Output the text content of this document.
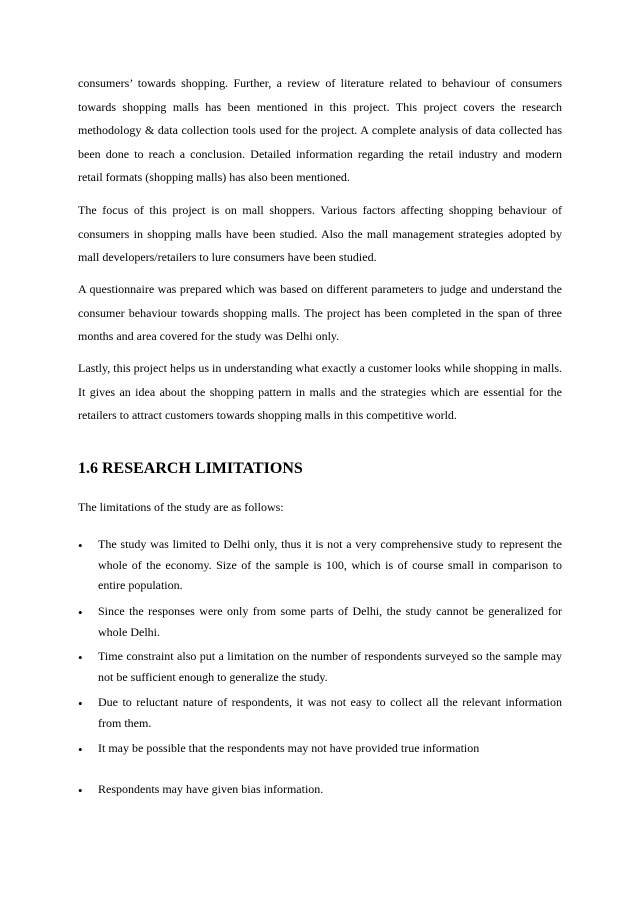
consumers’ towards shopping. Further, a review of literature related to behaviour of consumers towards shopping malls has been mentioned in this project. This project covers the research methodology & data collection tools used for the project. A complete analysis of data collected has been done to reach a conclusion. Detailed information regarding the retail industry and modern retail formats (shopping malls) has also been mentioned.

The focus of this project is on mall shoppers. Various factors affecting shopping behaviour of consumers in shopping malls have been studied. Also the mall management strategies adopted by mall developers/retailers to lure consumers have been studied.

A questionnaire was prepared which was based on different parameters to judge and understand the consumer behaviour towards shopping malls. The project has been completed in the span of three months and area covered for the study was Delhi only.

Lastly, this project helps us in understanding what exactly a customer looks while shopping in malls. It gives an idea about the shopping pattern in malls and the strategies which are essential for the retailers to attract customers towards shopping malls in this competitive world.

1.6 RESEARCH LIMITATIONS

The limitations of the study are as follows:

• The study was limited to Delhi only, thus it is not a very comprehensive study to represent the whole of the economy. Size of the sample is 100, which is of course small in comparison to entire population.
• Since the responses were only from some parts of Delhi, the study cannot be generalized for whole Delhi.
• Time constraint also put a limitation on the number of respondents surveyed so the sample may not be sufficient enough to generalize the study.
• Due to reluctant nature of respondents, it was not easy to collect all the relevant information from them.
• It may be possible that the respondents may not have provided true information
• Respondents may have given bias information.
